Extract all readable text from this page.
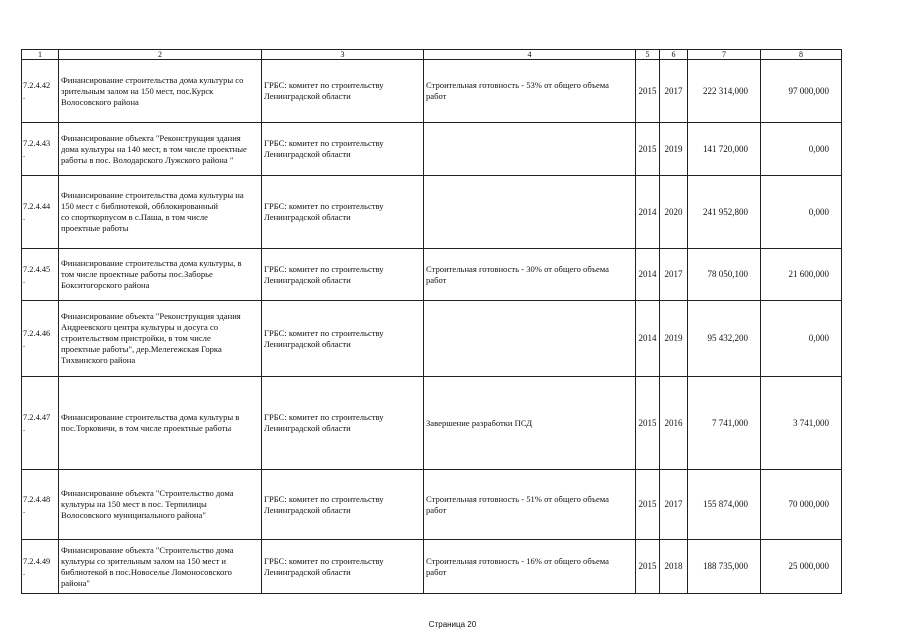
1	2	3	4	5	6	7	8
7.2.4.42
.	Финансирование строительства дома культуры со
зрительным залом на 150 мест, пос.Курск
Волосовского района	ГРБС: комитет по строительству
Ленинградской области	Строительная готовность - 53% от общего объема
работ	2015	2017	222 314,000	97 000,000
7.2.4.43
.	Финансирование объекта "Реконструкция здания
дома культуры на 140 мест, в том числе проектные
работы в пос. Володарского Лужского района "	ГРБС: комитет по строительству
Ленинградской области		2015	2019	141 720,000	0,000
7.2.4.44
.	Финансирование строительства дома культуры на
150 мест с библиотекой, обблокированный
со спорткорпусом в с.Паша, в том числе
проектные работы	ГРБС: комитет по строительству
Ленинградской области		2014	2020	241 952,800	0,000
7.2.4.45
.	Финансирование строительства дома культуры, в
том числе проектные работы пос.Заборье
Бокситогорского района	ГРБС: комитет по строительству
Ленинградской области	Строительная готовность - 30% от общего объема
работ	2014	2017	78 050,100	21 600,000
7.2.4.46
.	Финансирование объекта "Реконструкция здания
Андреевского центра культуры и досуга со
строительством пристройки, в том числе
проектные работы", дер.Мелегежская Горка
Тихвинского района	ГРБС: комитет по строительству
Ленинградской области		2014	2019	95 432,200	0,000
7.2.4.47
.	Финансирование строительства дома культуры в
пос.Торковичи, в том числе проектные работы	ГРБС: комитет по строительству
Ленинградской области	Завершение разработки ПСД	2015	2016	7 741,000	3 741,000
7.2.4.48
.	Финансирование объекта "Строительство дома
культуры на 150 мест в пос. Терпилицы
Волосовского муниципального района"	ГРБС: комитет по строительству
Ленинградской области	Строительная готовность - 51% от общего объема
работ	2015	2017	155 874,000	70 000,000
7.2.4.49
.	Финансирование объекта "Строительство дома
культуры со зрительным залом на 150 мест и
библиотекой в пос.Новоселье Ломоносовского
района"	ГРБС: комитет по строительству
Ленинградской области	Строительная готовность - 16% от общего объема
работ	2015	2018	188 735,000	25 000,000
Страница 20
